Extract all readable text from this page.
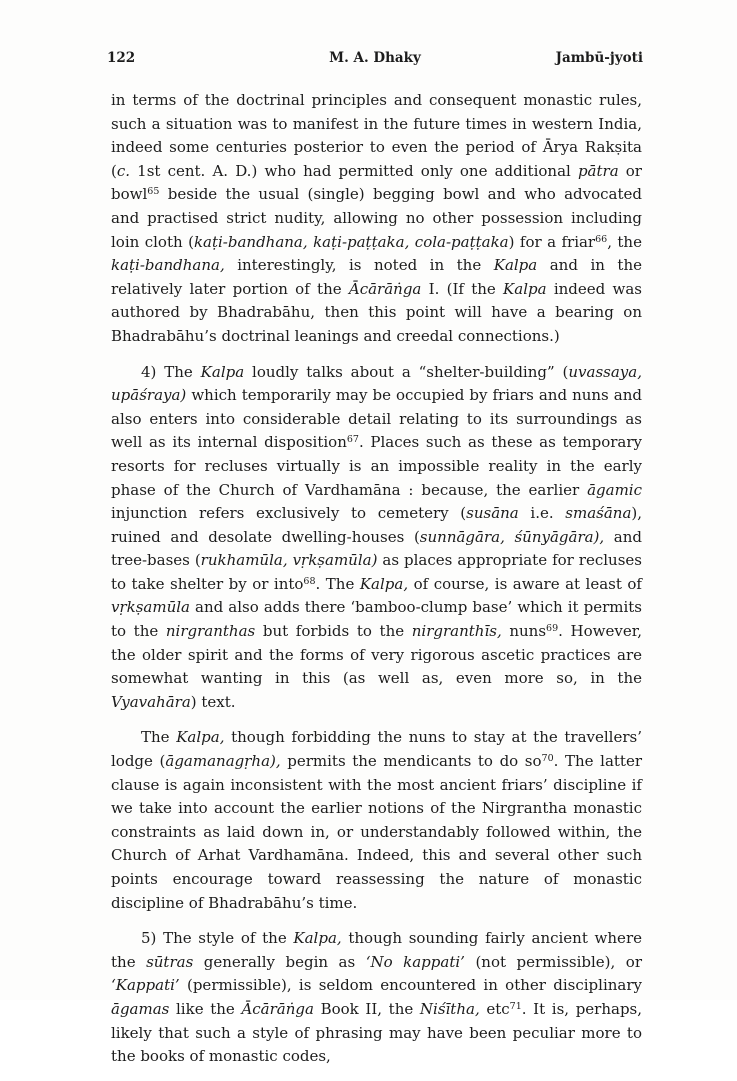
122	M. A. Dhaky	Jambū-jyoti

in terms of the doctrinal principles and consequent monastic rules, such a situation was to manifest in the future times in western India, indeed some centuries posterior to even the period of Ārya Rakṣita (c. 1st cent. A. D.) who had permitted only one additional pātra or bowl$^{65}$ beside the usual (single) begging bowl and who advocated and practised strict nudity, allowing no other possession including loin cloth (kaṭi-bandhana, kaṭi-paṭṭaka, cola-paṭṭaka) for a friar$^{66}$, the kaṭi-bandhana, interestingly, is noted in the Kalpa and in the relatively later portion of the Ācārāṅga I. (If the Kalpa indeed was authored by Bhadrabāhu, then this point will have a bearing on Bhadrabāhu’s doctrinal leanings and creedal connections.)

4) The Kalpa loudly talks about a “shelter-building” (uvassaya, upāśraya) which temporarily may be occupied by friars and nuns and also enters into considerable detail relating to its surroundings as well as its internal disposition$^{67}$. Places such as these as temporary resorts for recluses virtually is an impossible reality in the early phase of the Church of Vardhamāna : because, the earlier āgamic injunction refers exclusively to cemetery (susāna i.e. smaśāna), ruined and desolate dwelling-houses (sunnāgāra, śūnyāgāra), and tree-bases (rukhamūla, vṛkṣamūla) as places appropriate for recluses to take shelter by or into$^{68}$. The Kalpa, of course, is aware at least of vṛkṣamūla and also adds there ‘bamboo-clump base’ which it permits to the nirgranthas but forbids to the nirgranthīs, nuns$^{69}$. However, the older spirit and the forms of very rigorous ascetic practices are somewhat wanting in this (as well as, even more so, in the Vyavahāra) text.

The Kalpa, though forbidding the nuns to stay at the travellers’ lodge (āgamanagṛha), permits the mendicants to do $so^{70}$. The latter clause is again inconsistent with the most ancient friars’ discipline if we take into account the earlier notions of the Nirgrantha monastic constraints as laid down in, or understandably followed within, the Church of Arhat Vardhamāna. Indeed, this and several other such points encourage toward reassessing the nature of monastic discipline of Bhadrabāhu’s time.

5) The style of the Kalpa, though sounding fairly ancient where the sūtras generally begin as ‘No kappati’ (not permissible), or ‘Kappati’ (permissible), is seldom encountered in other disciplinary āgamas like the Ācārāṅga Book II, the Niśītha, etc$^{71}$. It is, perhaps, likely that such a style of phrasing may have been peculiar more to the books of monastic codes,
